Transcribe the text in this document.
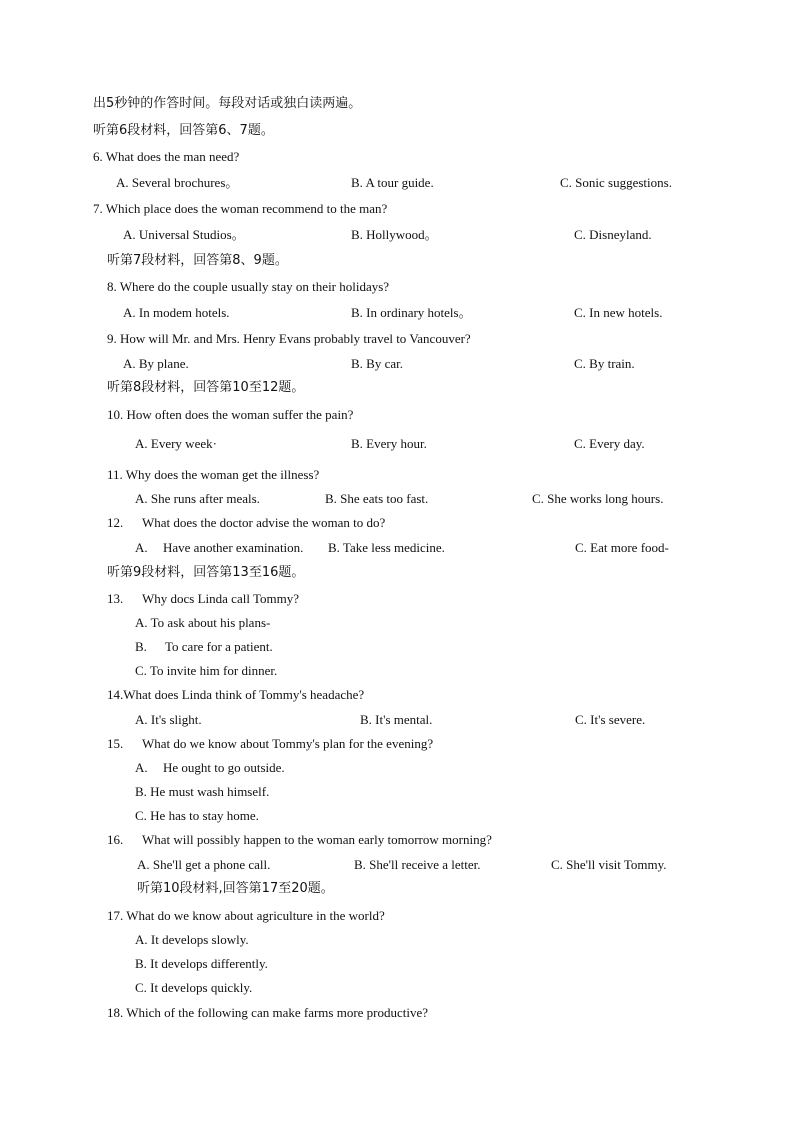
出5秒钟的作答时间。每段对话或独白读两遍。
听第6段材料，回答第6、7题。
6. What does the man need?
A. Several brochures。	B. A tour guide.	C. Sonic suggestions.
7. Which place does the woman recommend to the man?
A. Universal Studios。	B. Hollywood。	C. Disneyland.
听第7段材料，回答第8、9题。
8. Where do the couple usually stay on their holidays?
A. In modem hotels.	B. In ordinary hotels。	C. In new hotels.
9. How will Mr. and Mrs. Henry Evans probably travel to Vancouver?
A. By plane.	B. By car.	C. By train.
听第8段材料，回答第10至12题。
10. How often does the woman suffer the pain?
A. Every week·	B. Every hour.	C. Every day.
11. Why does the woman get the illness?
A. She runs after meals.	B. She eats too fast.	C. She works long hours.
12. What does the doctor advise the woman to do?
A. Have another examination. B. Take less medicine.	C. Eat more food-
听第9段材料，回答第13至16题。
13. Why docs Linda call Tommy?
A. To ask about his plans-
B. To care for a patient.
C. To invite him for dinner.
14.What does Linda think of Tommy's headache?
A. It's slight.	B. It's mental.	C. It's severe.
15. What do we know about Tommy's plan for the evening?
A. He ought to go outside.
B. He must wash himself.
C. He has to stay home.
16. What will possibly happen to the woman early tomorrow morning?
A. She'll get a phone call.	B. She'll receive a letter.	C. She'll visit Tommy.
听第10段材料,回答第17至20题。
17. What do we know about agriculture in the world?
A. It develops slowly.
B. It develops differently.
C. It develops quickly.
18. Which of the following can make farms more productive?
